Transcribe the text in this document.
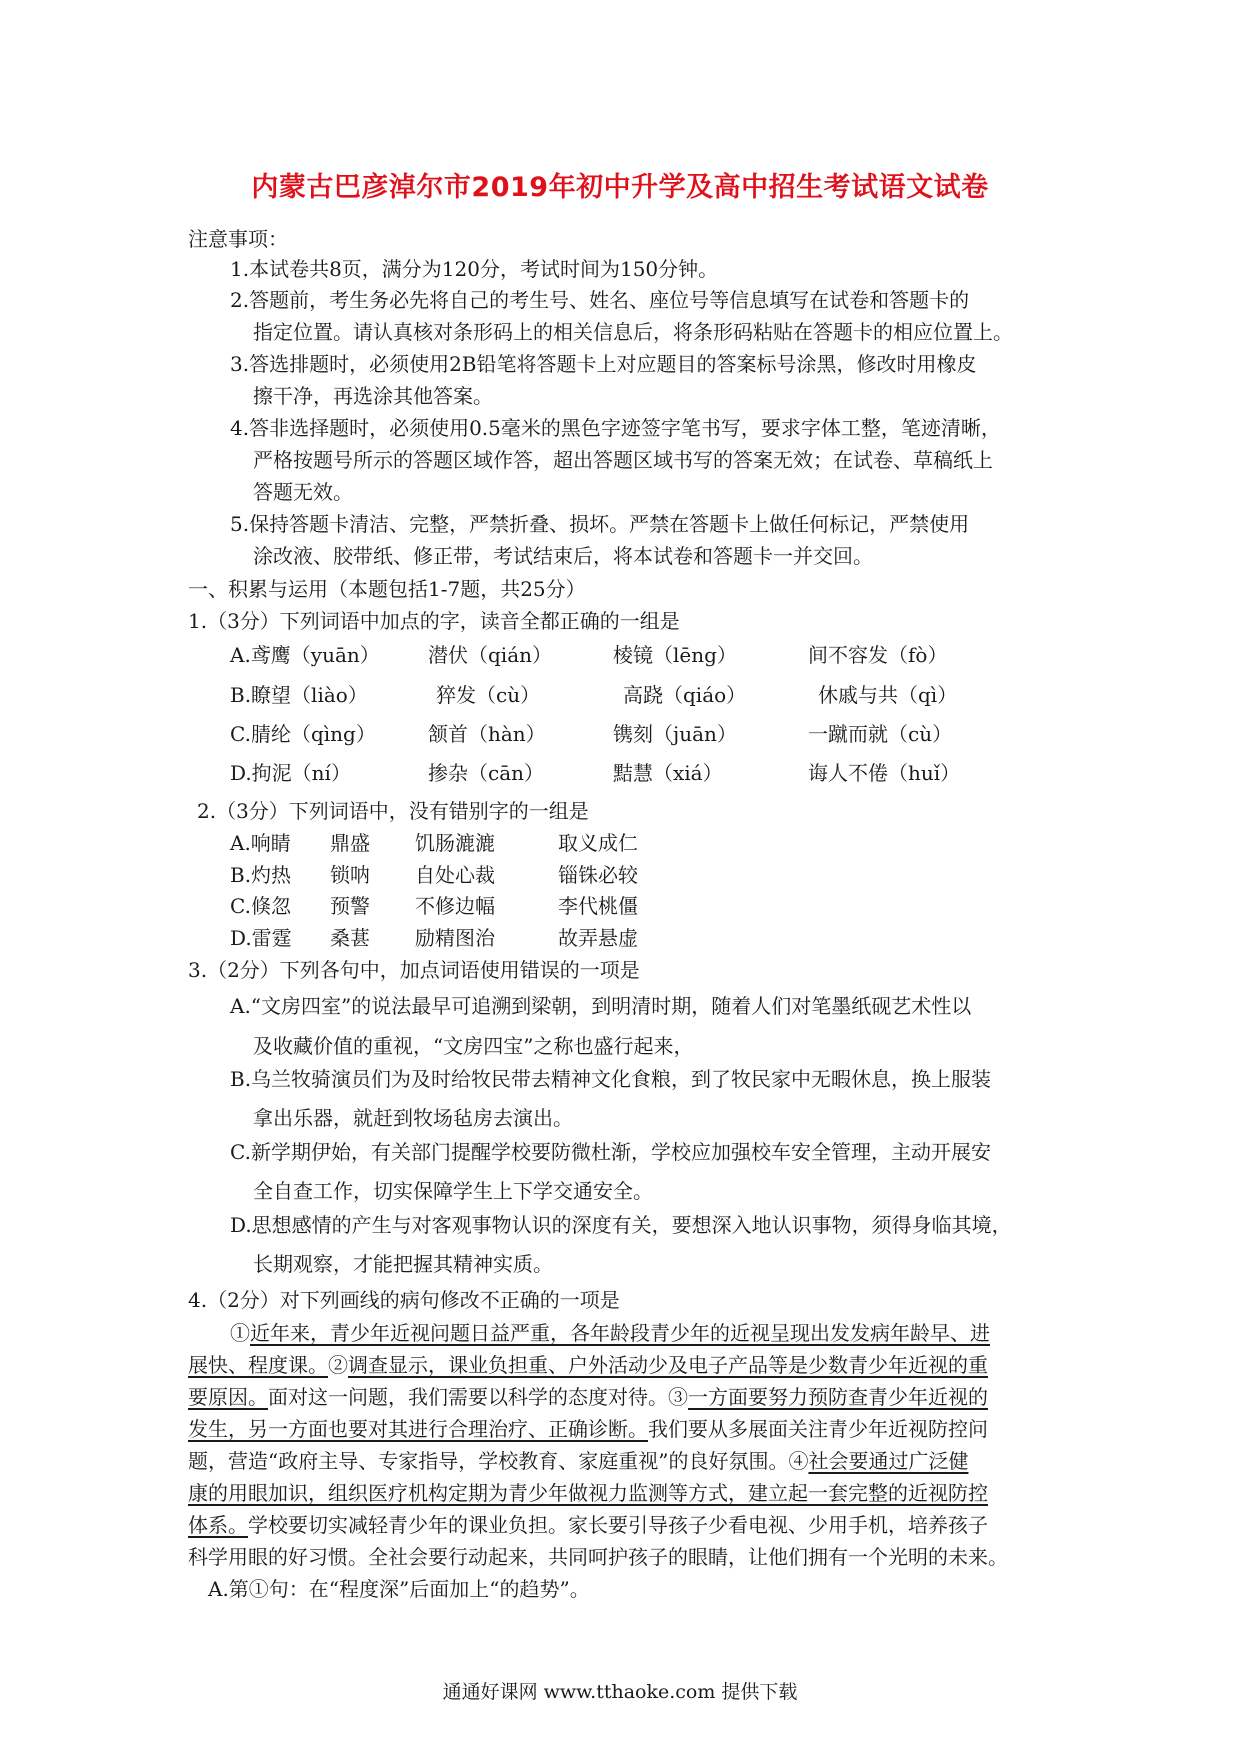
内蒙古巴彦淖尔市2019年初中升学及高中招生考试语文试卷
注意事项：
1.本试卷共8页，满分为120分，考试时间为150分钟。
2.答题前，考生务必先将自己的考生号、姓名、座位号等信息填写在试卷和答题卡的
指定位置。请认真核对条形码上的相关信息后，将条形码粘贴在答题卡的相应位置上。
3.答选排题时，必须使用2B铅笔将答题卡上对应题目的答案标号涂黑，修改时用橡皮
擦干净，再选涂其他答案。
4.答非选择题时，必须使用0.5毫米的黑色字迹签字笔书写，要求字体工整，笔迹清晰，
严格按题号所示的答题区域作答，超出答题区域书写的答案无效；在试卷、草稿纸上
答题无效。
5.保持答题卡清洁、完整，严禁折叠、损坏。严禁在答题卡上做任何标记，严禁使用
涂改液、胶带纸、修正带，考试结束后，将本试卷和答题卡一并交回。
一、积累与运用（本题包括1-7题，共25分）
1.（3分）下列词语中加点的字，读音全都正确的一组是
A.鸢鹰（yuān） 潜伏（qián）	棱镜（lēng）	间不容发（fò）
B.瞭望（liào）	猝发（cù）	高跷（qiáo）	休戚与共（qì）
C.腈纶（qìng）	颔首（hàn）	镌刻（juān）	一蹴而就（cù）
D.拘泥（ní）	掺杂（cān）	黠慧（xiá）	诲人不倦（huǐ）
2.（3分）下列词语中，没有错别字的一组是
A.响睛 鼎盛 饥肠漉漉	取义成仁
B.灼热 锁呐 自处心裁	锱铢必较
C.倏忽 预警 不修边幅	李代桃僵
D.雷霆 桑葚 励精图治	故弄悬虚
3.（2分）下列各句中，加点词语使用错误的一项是
A.“文房四室”的说法最早可追溯到梁朝，到明清时期，随着人们对笔墨纸砚艺术性以
及收藏价值的重视，“文房四宝”之称也盛行起来，
B.乌兰牧骑演员们为及时给牧民带去精神文化食粮，到了牧民家中无暇休息，换上服装
拿出乐器，就赶到牧场毡房去演出。
C.新学期伊始，有关部门提醒学校要防微杜渐，学校应加强校车安全管理，主动开展安
全自查工作，切实保障学生上下学交通安全。
D.思想感情的产生与对客观事物认识的深度有关，要想深入地认识事物，须得身临其境，
长期观察，才能把握其精神实质。
4.（2分）对下列画线的病句修改不正确的一项是
①近年来，青少年近视问题日益严重，各年龄段青少年的近视呈现出发发病年龄早、进
展快、程度课。②调查显示，课业负担重、户外活动少及电子产品等是少数青少年近视的重
要原因。面对这一问题，我们需要以科学的态度对待。③一方面要努力预防查青少年近视的
发生，另一方面也要对其进行合理治疗、正确诊断。我们要从多展面关注青少年近视防控问
题，营造“政府主导、专家指导，学校教育、家庭重视”的良好氛围。④社会要通过广泛健
康的用眼加识，组织医疗机构定期为青少年做视力监测等方式，建立起一套完整的近视防控
体系。学校要切实减轻青少年的课业负担。家长要引导孩子少看电视、少用手机，培养孩子
科学用眼的好习惯。全社会要行动起来，共同呵护孩子的眼睛，让他们拥有一个光明的未来。
A.第①句：在“程度深”后面加上“的趋势”。
通通好课网 www.tthaoke.com 提供下载
